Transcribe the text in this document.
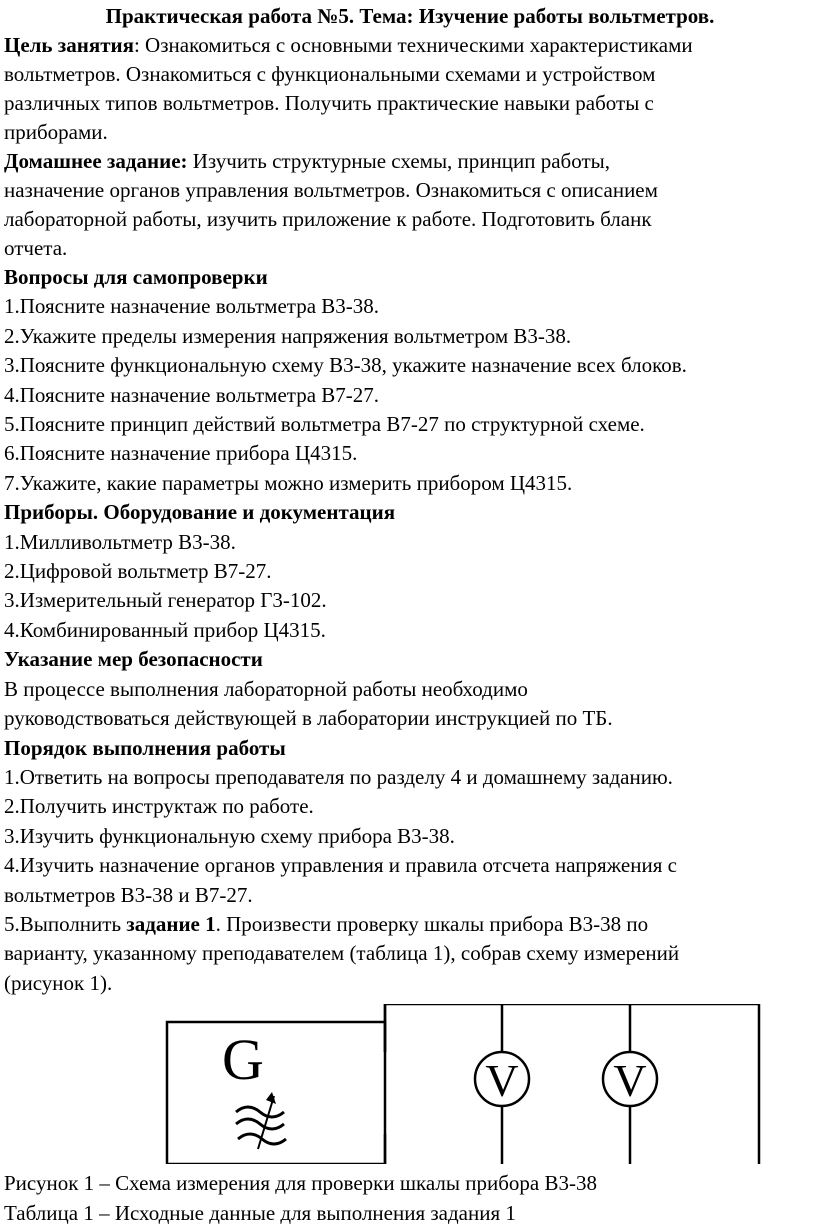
Практическая работа №5. Тема: Изучение работы вольтметров.
Цель занятия: Ознакомиться с основными техническими характеристиками
вольтметров. Ознакомиться с функциональными схемами и устройством
различных типов вольтметров. Получить практические навыки работы с
приборами.
Домашнее задание: Изучить структурные схемы, принцип работы,
назначение органов управления вольтметров. Ознакомиться с описанием
лабораторной работы, изучить приложение к работе. Подготовить бланк
отчета.
Вопросы для самопроверки
1.Поясните назначение вольтметра В3-38.
2.Укажите пределы измерения напряжения вольтметром В3-38.
3.Поясните функциональную схему В3-38, укажите назначение всех блоков.
4.Поясните назначение вольтметра В7-27.
5.Поясните принцип действий вольтметра В7-27 по структурной схеме.
6.Поясните назначение прибора Ц4315.
7.Укажите, какие параметры можно измерить прибором Ц4315.
Приборы. Оборудование и документация
1.Милливольтметр В3-38.
2.Цифровой вольтметр В7-27.
3.Измерительный генератор Г3-102.
4.Комбинированный прибор Ц4315.
Указание мер безопасности
В процессе выполнения лабораторной работы необходимо
руководствоваться действующей в лаборатории инструкцией по ТБ.
Порядок выполнения работы
1.Ответить на вопросы преподавателя по разделу 4 и домашнему заданию.
2.Получить инструктаж по работе.
3.Изучить функциональную схему прибора В3-38.
4.Изучить назначение органов управления и правила отсчета напряжения с
вольтметров В3-38 и В7-27.
5.Выполнить задание 1. Произвести проверку шкалы прибора В3-38 по
варианту, указанному преподавателем (таблица 1), собрав схему измерений
(рисунок 1).
G	V V
Рисунок 1 – Схема измерения для проверки шкалы прибора В3-38
Таблица 1 – Исходные данные для выполнения задания 1
